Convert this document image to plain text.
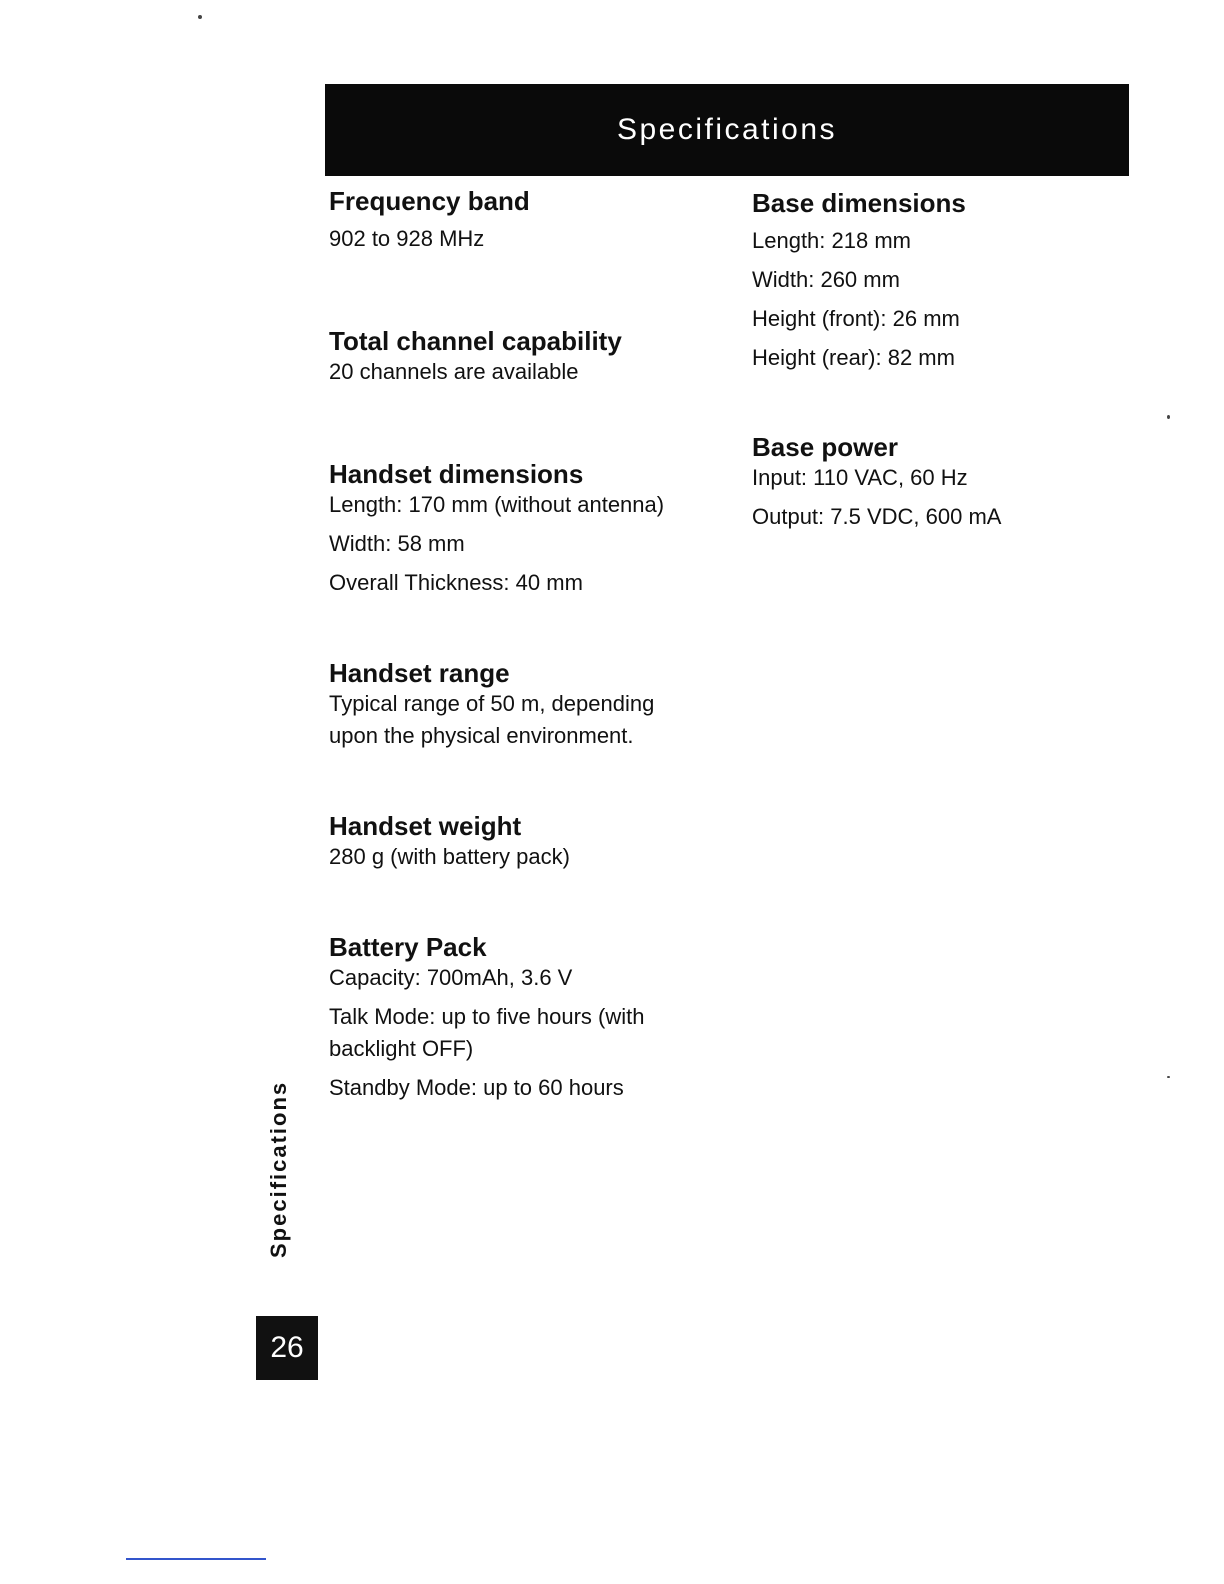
Specifications

Frequency band

902 to 928 MHz

Total channel capability

20 channels are available

Handset dimensions

Length: 170 mm (without antenna)

Width: 58 mm

Overall Thickness: 40 mm

Handset range

Typical range of 50 m, depending

upon the physical environment.

Handset weight

280 g (with battery pack)

Battery Pack

Capacity: 700mAh, 3.6 V

Talk Mode: up to five hours (with

backlight OFF)

Standby Mode: up to 60 hours

Base dimensions

Length: 218 mm

Width: 260 mm

Height (front): 26 mm

Height (rear): 82 mm

Base power

Input: 110 VAC, 60 Hz

Output: 7.5 VDC, 600 mA

Specifications
26
